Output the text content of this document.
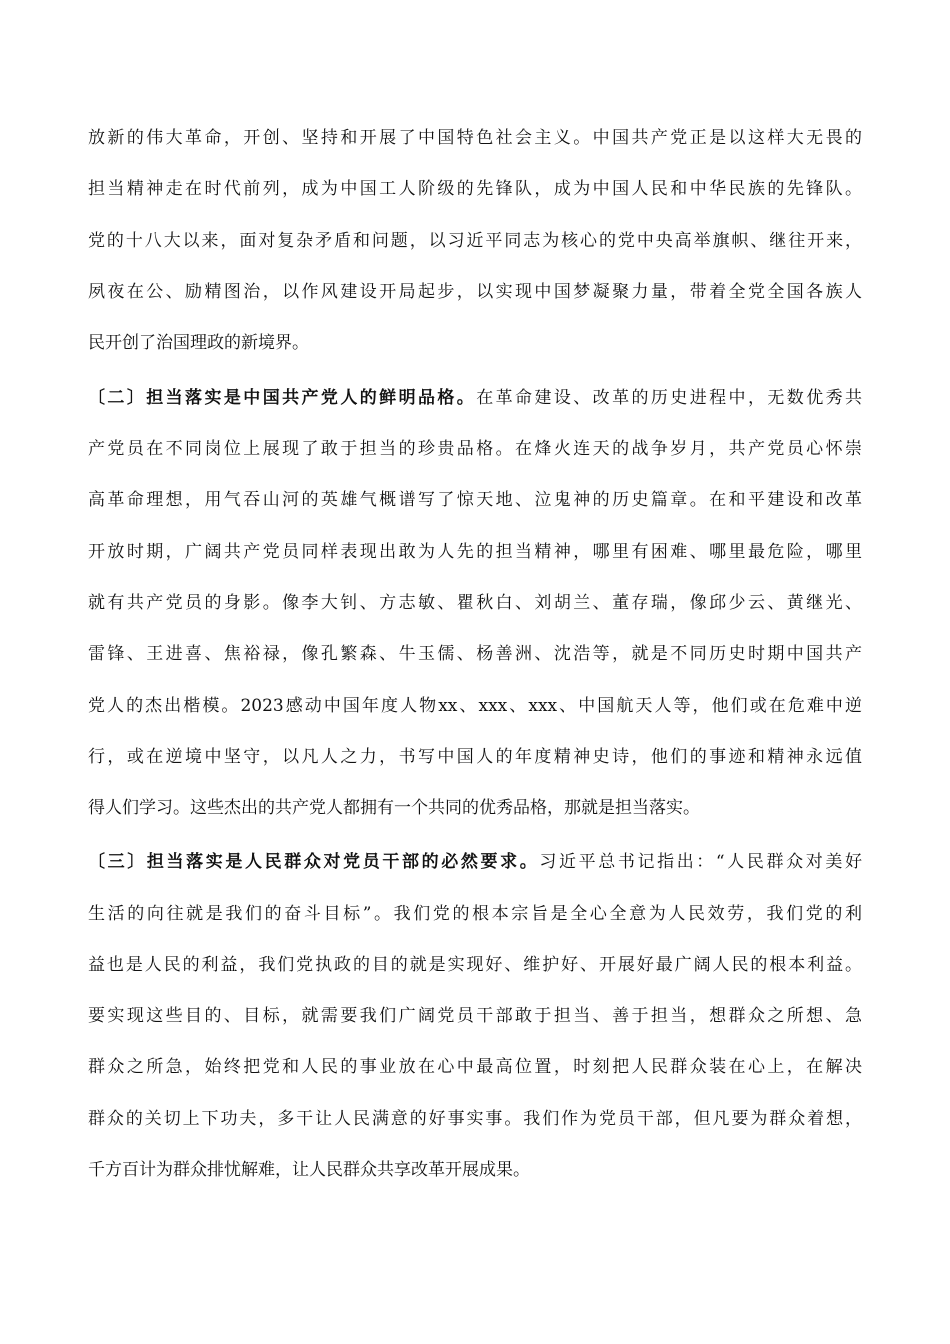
放新的伟大革命，开创、坚持和开展了中国特色社会主义。中国共产党正是以这样大无畏的
担当精神走在时代前列，成为中国工人阶级的先锋队，成为中国人民和中华民族的先锋队。
党的十八大以来，面对复杂矛盾和问题，以习近平同志为核心的党中央高举旗帜、继往开来，
夙夜在公、励精图治，以作风建设开局起步，以实现中国梦凝聚力量，带着全党全国各族人
民开创了治国理政的新境界。
〔二〕担当落实是中国共产党人的鲜明品格。在革命建设、改革的历史进程中，无数优秀共
产党员在不同岗位上展现了敢于担当的珍贵品格。在烽火连天的战争岁月，共产党员心怀崇
高革命理想，用气吞山河的英雄气概谱写了惊天地、泣鬼神的历史篇章。在和平建设和改革
开放时期，广阔共产党员同样表现出敢为人先的担当精神，哪里有困难、哪里最危险，哪里
就有共产党员的身影。像李大钊、方志敏、瞿秋白、刘胡兰、董存瑞，像邱少云、黄继光、
雷锋、王进喜、焦裕禄，像孔繁森、牛玉儒、杨善洲、沈浩等，就是不同历史时期中国共产
党人的杰出楷模。2023感动中国年度人物xx、xxx、xxx、中国航天人等，他们或在危难中逆
行，或在逆境中坚守，以凡人之力，书写中国人的年度精神史诗，他们的事迹和精神永远值
得人们学习。这些杰出的共产党人都拥有一个共同的优秀品格，那就是担当落实。
〔三〕担当落实是人民群众对党员干部的必然要求。习近平总书记指出：“人民群众对美好
生活的向往就是我们的奋斗目标”。我们党的根本宗旨是全心全意为人民效劳，我们党的利
益也是人民的利益，我们党执政的目的就是实现好、维护好、开展好最广阔人民的根本利益。
要实现这些目的、目标，就需要我们广阔党员干部敢于担当、善于担当，想群众之所想、急
群众之所急，始终把党和人民的事业放在心中最高位置，时刻把人民群众装在心上，在解决
群众的关切上下功夫，多干让人民满意的好事实事。我们作为党员干部，但凡要为群众着想，
千方百计为群众排忧解难，让人民群众共享改革开展成果。
